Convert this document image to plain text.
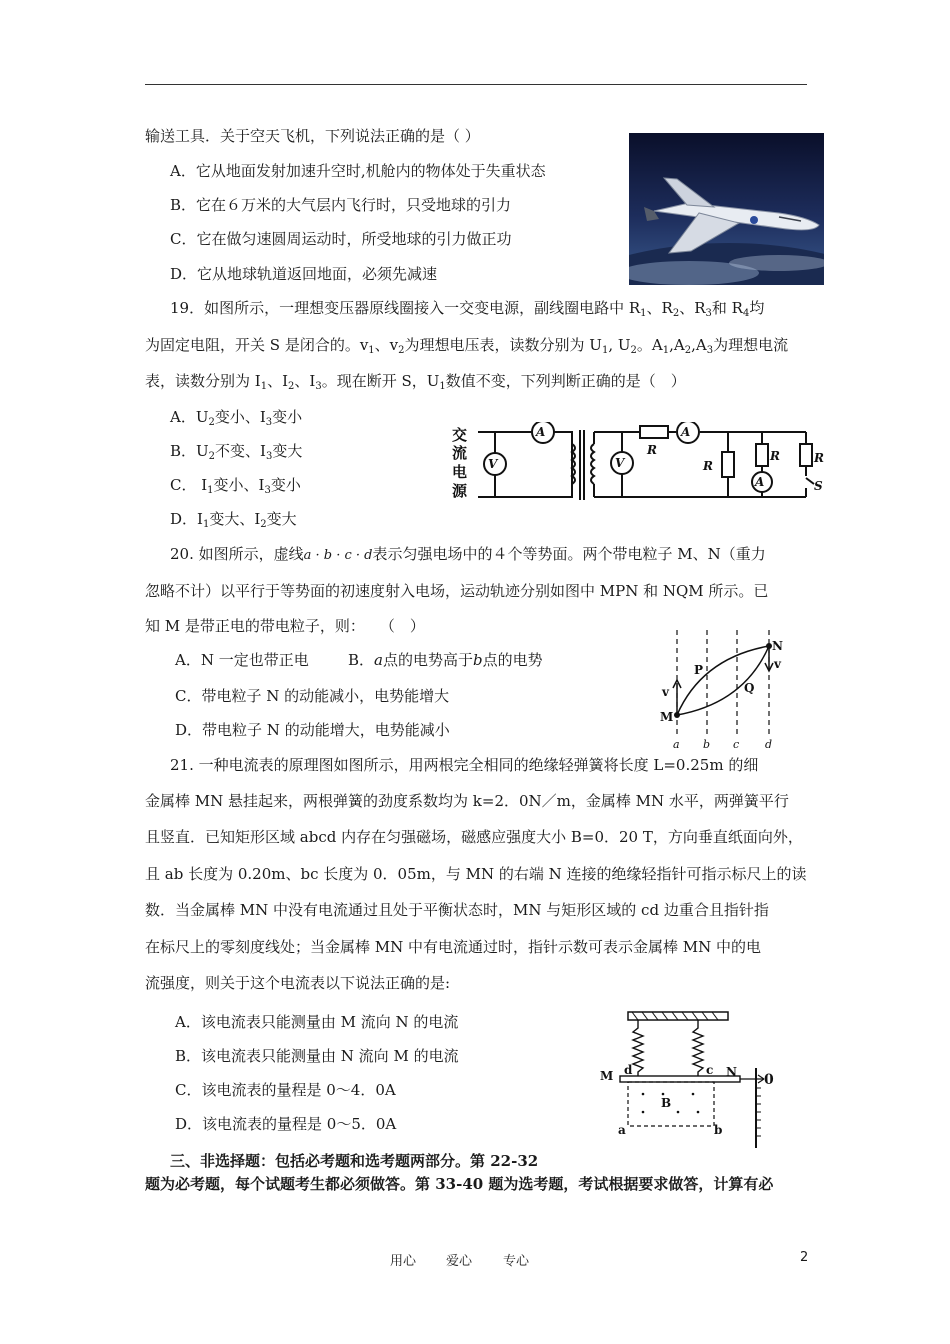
输送工具．关于空天飞机，下列说法正确的是（ ）
A．它从地面发射加速升空时,机舱内的物体处于失重状态
B．它在６万米的大气层内飞行时，只受地球的引力
C．它在做匀速圆周运动时，所受地球的引力做正功
D．它从地球轨道返回地面，必须先减速
19．如图所示，一理想变压器原线圈接入一交变电源，副线圈电路中 $R_1$、$R_2$、$R_3$和 $R_4$均
为固定电阻，开关 S 是闭合的。$v_1$、$v_2$为理想电压表，读数分别为 $U_1$, $U_2$。$A_1,A_2,A_3$为理想电流
表，读数分别为 $I_1$、$I_2$、$I_3$。现在断开 S，$U_1$数值不变，下列判断正确的是（　）
A．$U_2$变小、$I_3$变小
B．$U_2$不变、$I_3$变大
C． $I_1$变小、$I_3$变小
D．$I_1$变大、$I_2$变大
交
流
电
源
A
V	V
A
A
R
R
R	R
S
20. 如图所示，虚线a · b · c · d表示匀强电场中的４个等势面。两个带电粒子 M、N（重力
忽略不计）以平行于等势面的初速度射入电场，运动轨迹分别如图中 MPN 和 NQM 所示。已
知 M 是带正电的带电粒子，则：　　（　）
A．N 一定也带正电	B．a点的电势高于b点的电势
C．带电粒子 N 的动能减小，电势能增大
D．带电粒子 N 的动能增大，电势能减小
N
M
P
Q
v
v
a b c d
21. 一种电流表的原理图如图所示，用两根完全相同的绝缘轻弹簧将长度 L=0.25m 的细
金属棒 MN 悬挂起来，两根弹簧的劲度系数均为 k=2．0N／m，金属棒 MN 水平，两弹簧平行
且竖直．已知矩形区域 abcd 内存在匀强磁场，磁感应强度大小 B=0．20 T，方向垂直纸面向外，
且 ab 长度为 0.20m、bc 长度为 0．05m，与 MN 的右端 N 连接的绝缘轻指针可指示标尺上的读
数．当金属棒 MN 中没有电流通过且处于平衡状态时，MN 与矩形区域的 cd 边重合且指针指
在标尺上的零刻度线处；当金属棒 MN 中有电流通过时，指针示数可表示金属棒 MN 中的电
流强度，则关于这个电流表以下说法正确的是:
A．该电流表只能测量由 M 流向 N 的电流
B．该电流表只能测量由 N 流向 M 的电流
C．该电流表的量程是 0～4．0A
D．该电流表的量程是 0～5．0A
M	N
d	c
a	b
B
0
三、非选择题：包括必考题和选考题两部分。第 22-32
题为必考题，每个试题考生都必须做答。第 33-40 题为选考题，考试根据要求做答，计算有必
用心 爱心 专心	2
